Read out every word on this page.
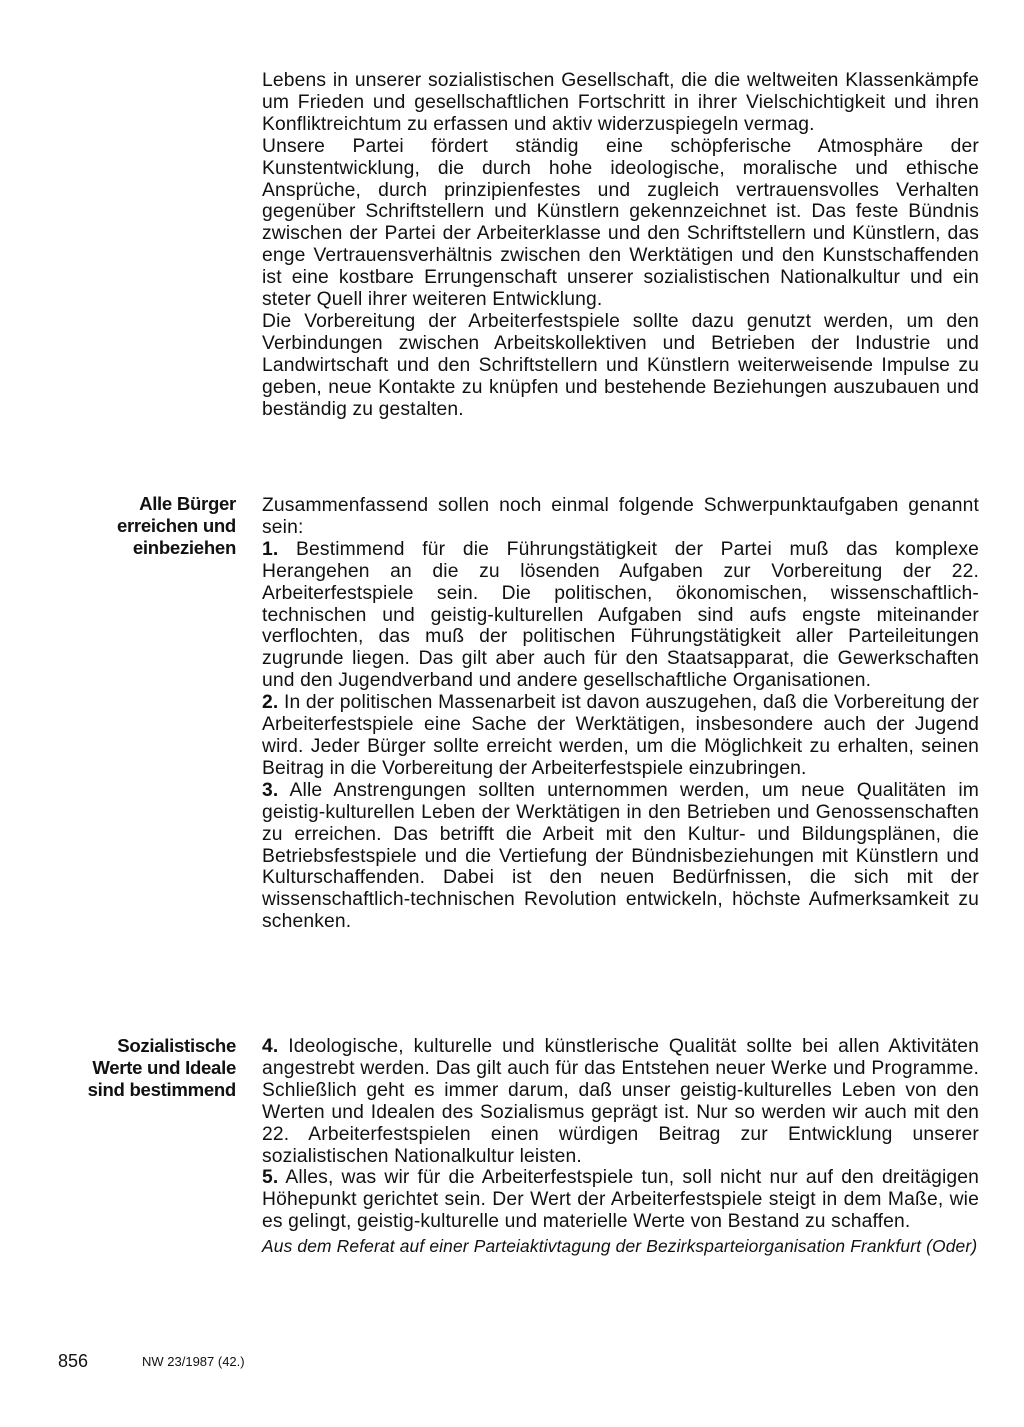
Lebens in unserer sozialistischen Gesellschaft, die die weltweiten Klassenkämpfe um Frieden und gesellschaftlichen Fortschritt in ihrer Vielschichtigkeit und ihren Konfliktreichtum zu erfassen und aktiv widerzuspiegeln vermag.

Unsere Partei fördert ständig eine schöpferische Atmosphäre der Kunstentwicklung, die durch hohe ideologische, moralische und ethische Ansprüche, durch prinzipienfestes und zugleich vertrauensvolles Verhalten gegenüber Schriftstellern und Künstlern gekennzeichnet ist. Das feste Bündnis zwischen der Partei der Arbeiterklasse und den Schriftstellern und Künstlern, das enge Vertrauensverhältnis zwischen den Werktätigen und den Kunstschaffenden ist eine kostbare Errungenschaft unserer sozialistischen Nationalkultur und ein steter Quell ihrer weiteren Entwicklung.

Die Vorbereitung der Arbeiterfestspiele sollte dazu genutzt werden, um den Verbindungen zwischen Arbeitskollektiven und Betrieben der Industrie und Landwirtschaft und den Schriftstellern und Künstlern weiterweisende Impulse zu geben, neue Kontakte zu knüpfen und bestehende Beziehungen auszubauen und beständig zu gestalten.

Alle Bürger
erreichen und
einbeziehen

Zusammenfassend sollen noch einmal folgende Schwerpunktaufgaben genannt sein:

1. Bestimmend für die Führungstätigkeit der Partei muß das komplexe Herangehen an die zu lösenden Aufgaben zur Vorbereitung der 22. Arbeiterfestspiele sein. Die politischen, ökonomischen, wissenschaftlich-technischen und geistig-kulturellen Aufgaben sind aufs engste miteinander verflochten, das muß der politischen Führungstätigkeit aller Parteileitungen zugrunde liegen. Das gilt aber auch für den Staatsapparat, die Gewerkschaften und den Jugendverband und andere gesellschaftliche Organisationen.

2. In der politischen Massenarbeit ist davon auszugehen, daß die Vorbereitung der Arbeiterfestspiele eine Sache der Werktätigen, insbesondere auch der Jugend wird. Jeder Bürger sollte erreicht werden, um die Möglichkeit zu erhalten, seinen Beitrag in die Vorbereitung der Arbeiterfestspiele einzubringen.

3. Alle Anstrengungen sollten unternommen werden, um neue Qualitäten im geistig-kulturellen Leben der Werktätigen in den Betrieben und Genossenschaften zu erreichen. Das betrifft die Arbeit mit den Kultur- und Bildungsplänen, die Betriebsfestspiele und die Vertiefung der Bündnisbeziehungen mit Künstlern und Kulturschaffenden. Dabei ist den neuen Bedürfnissen, die sich mit der wissenschaftlich-technischen Revolution entwickeln, höchste Aufmerksamkeit zu schenken.

Sozialistische
Werte und Ideale
sind bestimmend

4. Ideologische, kulturelle und künstlerische Qualität sollte bei allen Aktivitäten angestrebt werden. Das gilt auch für das Entstehen neuer Werke und Programme. Schließlich geht es immer darum, daß unser geistig-kulturelles Leben von den Werten und Idealen des Sozialismus geprägt ist. Nur so werden wir auch mit den 22. Arbeiterfestspielen einen würdigen Beitrag zur Entwicklung unserer sozialistischen Nationalkultur leisten.

5. Alles, was wir für die Arbeiterfestspiele tun, soll nicht nur auf den dreitägigen Höhepunkt gerichtet sein. Der Wert der Arbeiterfestspiele steigt in dem Maße, wie es gelingt, geistig-kulturelle und materielle Werte von Bestand zu schaffen.

Aus dem Referat auf einer Parteiaktivtagung der Bezirksparteiorganisation Frankfurt (Oder)

856	NW 23/1987 (42.)
